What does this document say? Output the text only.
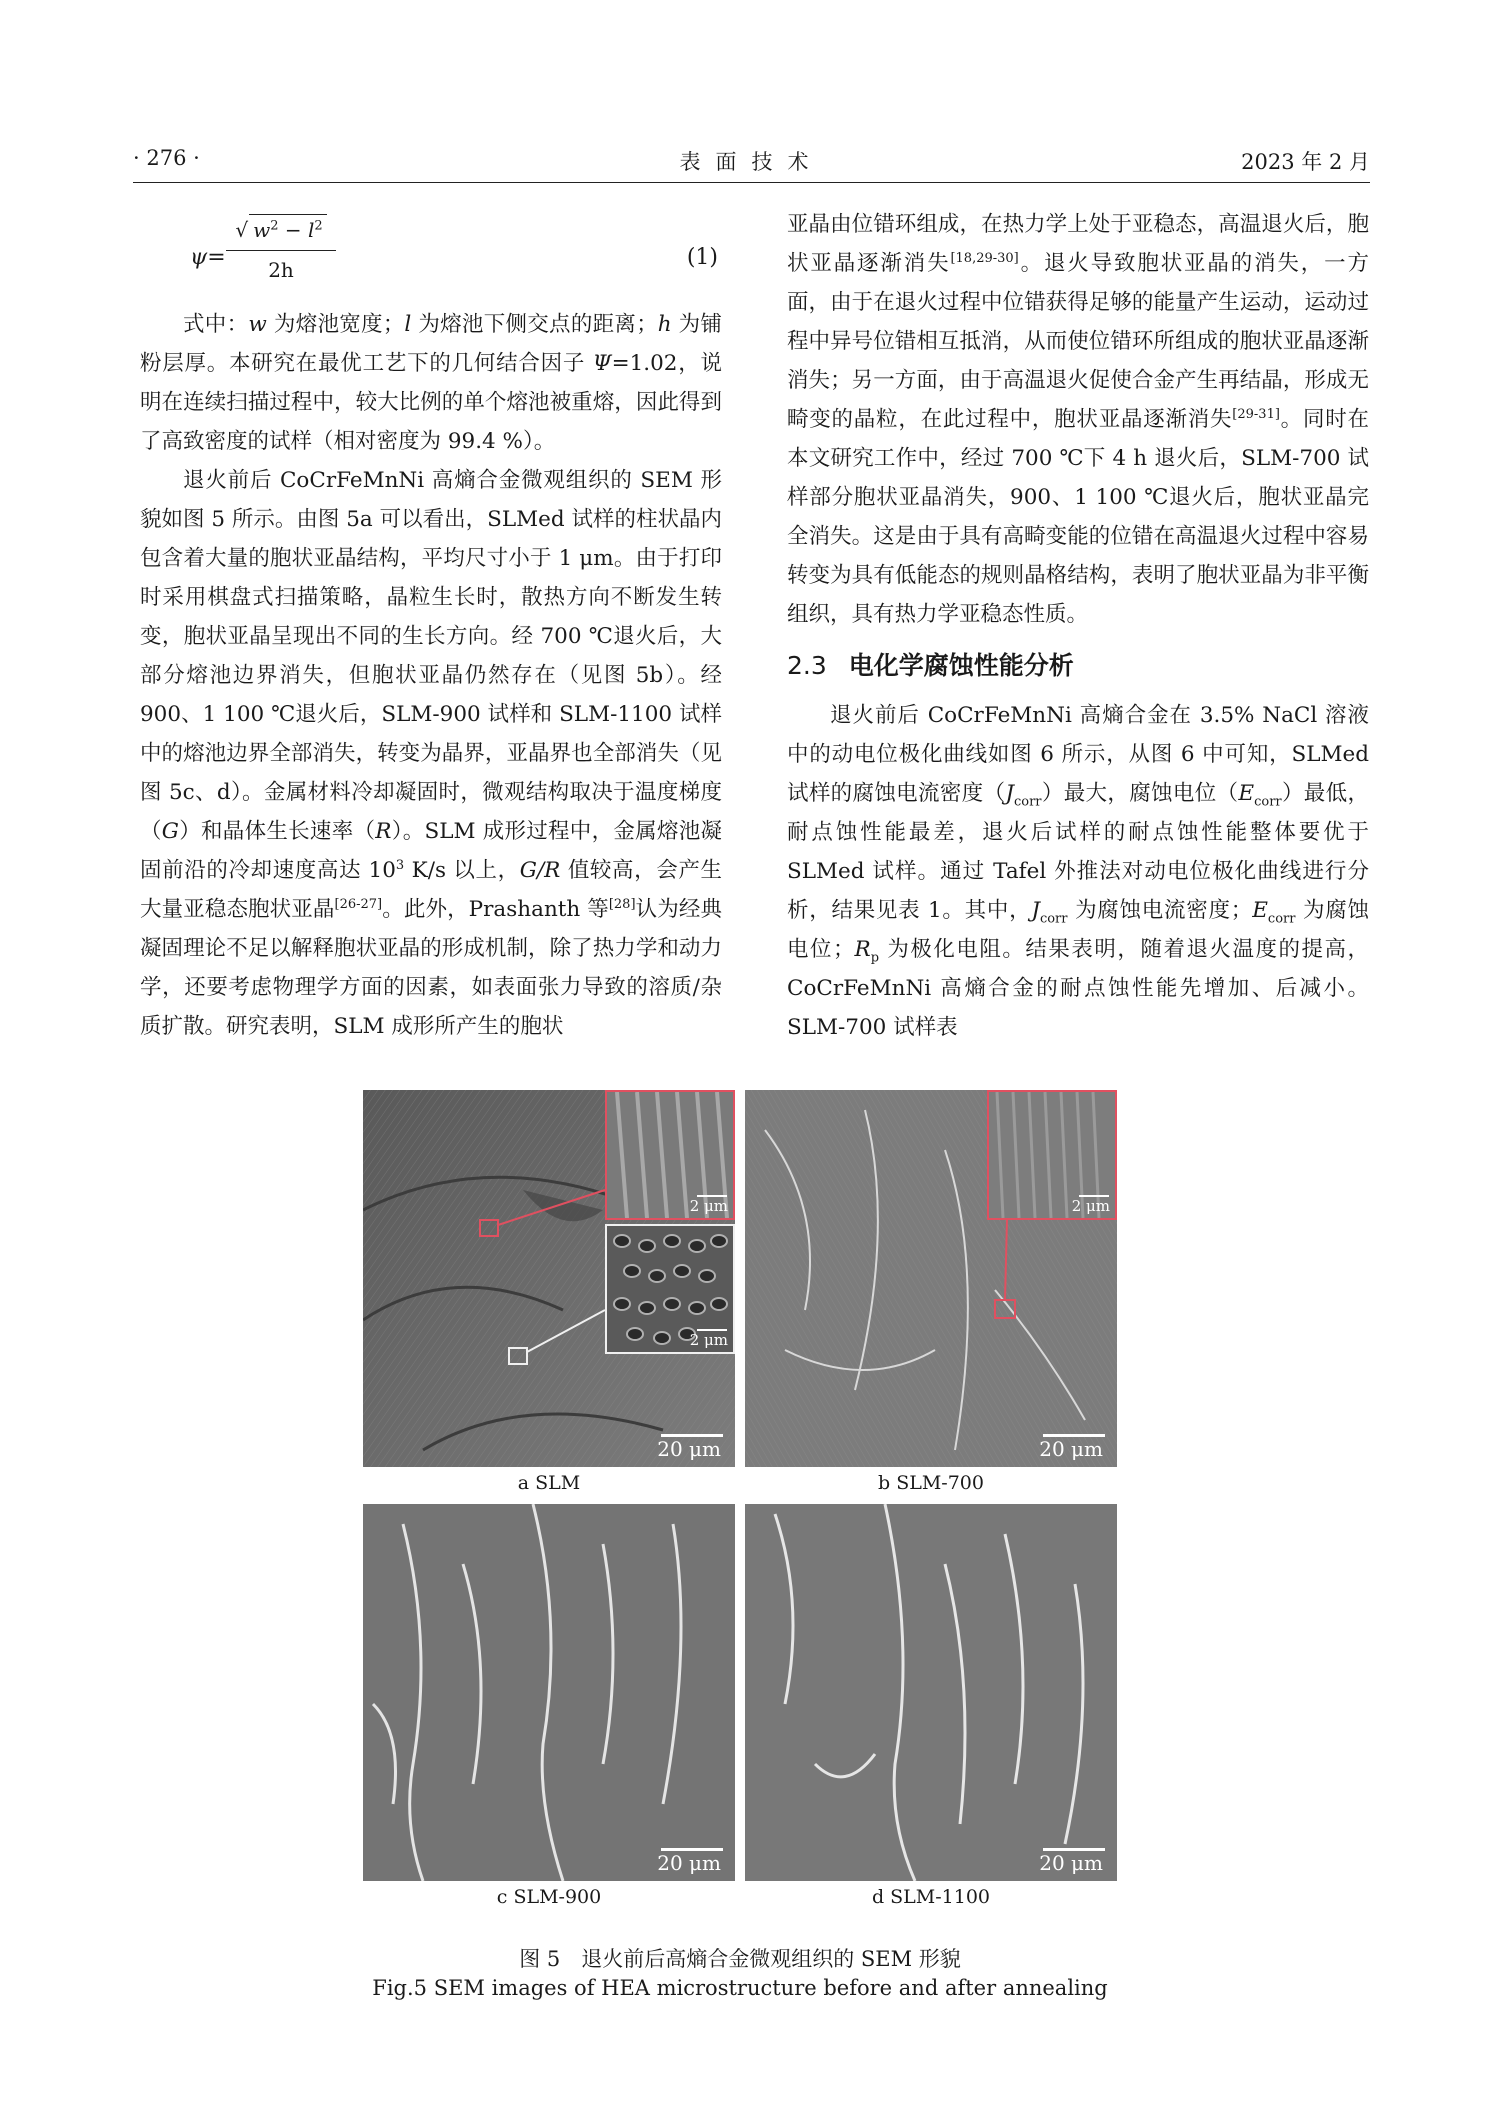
· 276 ·	表面技术	2023 年 2 月
$\psi= \frac{√ w^2 - l^2}{2h}$	(1)

式中：w 为熔池宽度；l 为熔池下侧交点的距离；h 为铺粉层厚。本研究在最优工艺下的几何结合因子 Ψ=1.02，说明在连续扫描过程中，较大比例的单个熔池被重熔，因此得到了高致密度的试样（相对密度为 99.4 %）。

退火前后 CoCrFeMnNi 高熵合金微观组织的 SEM 形貌如图 5 所示。由图 5a 可以看出，SLMed 试样的柱状晶内包含着大量的胞状亚晶结构，平均尺寸小于 1 μm。由于打印时采用棋盘式扫描策略，晶粒生长时，散热方向不断发生转变，胞状亚晶呈现出不同的生长方向。经 700 ℃退火后，大部分熔池边界消失，但胞状亚晶仍然存在（见图 5b）。经 900、1 100 ℃退火后，SLM-900 试样和 SLM-1100 试样中的熔池边界全部消失，转变为晶界，亚晶界也全部消失（见图 5c、d）。金属材料冷却凝固时，微观结构取决于温度梯度（G）和晶体生长速率（R）。SLM 成形过程中，金属熔池凝固前沿的冷却速度高达 $10^3$ K/s 以上，G/R 值较高，会产生大量亚稳态胞状亚晶[26-27]。此外，Prashanth 等[28]认为经典凝固理论不足以解释胞状亚晶的形成机制，除了热力学和动力学，还要考虑物理学方面的因素，如表面张力导致的溶质/杂质扩散。研究表明，SLM 成形所产生的胞状

亚晶由位错环组成，在热力学上处于亚稳态，高温退火后，胞状亚晶逐渐消失[18,29-30]。退火导致胞状亚晶的消失，一方面，由于在退火过程中位错获得足够的能量产生运动，运动过程中异号位错相互抵消，从而使位错环所组成的胞状亚晶逐渐消失；另一方面，由于高温退火促使合金产生再结晶，形成无畸变的晶粒，在此过程中，胞状亚晶逐渐消失[29-31]。同时在本文研究工作中，经过 700 ℃下 4 h 退火后，SLM-700 试样部分胞状亚晶消失，900、1 100 ℃退火后，胞状亚晶完全消失。这是由于具有高畸变能的位错在高温退火过程中容易转变为具有低能态的规则晶格结构，表明了胞状亚晶为非平衡组织，具有热力学亚稳态性质。

2.3 电化学腐蚀性能分析

退火前后 CoCrFeMnNi 高熵合金在 3.5% NaCl 溶液中的动电位极化曲线如图 6 所示，从图 6 中可知，SLMed 试样的腐蚀电流密度$(J_{corr})$最大，腐蚀电位$(E_{corr})$最低，耐点蚀性能最差，退火后试样的耐点蚀性能整体要优于 SLMed 试样。通过 Tafel 外推法对动电位极化曲线进行分析，结果见表 1。其中，$J_{corr}$ 为腐蚀电流密度；$E_{corr}$ 为腐蚀电位；$R_p$ 为极化电阻。结果表明，随着退火温度的提高，CoCrFeMnNi 高熵合金的耐点蚀性能先增加、后减小。SLM-700 试样表

2 μm
2 μm
20 μm
a SLM
2 μm
20 μm
b SLM-700
20 μm
c SLM-900
20 μm
d SLM-1100
图 5　退火前后高熵合金微观组织的 SEM 形貌
Fig.5 SEM images of HEA microstructure before and after annealing
